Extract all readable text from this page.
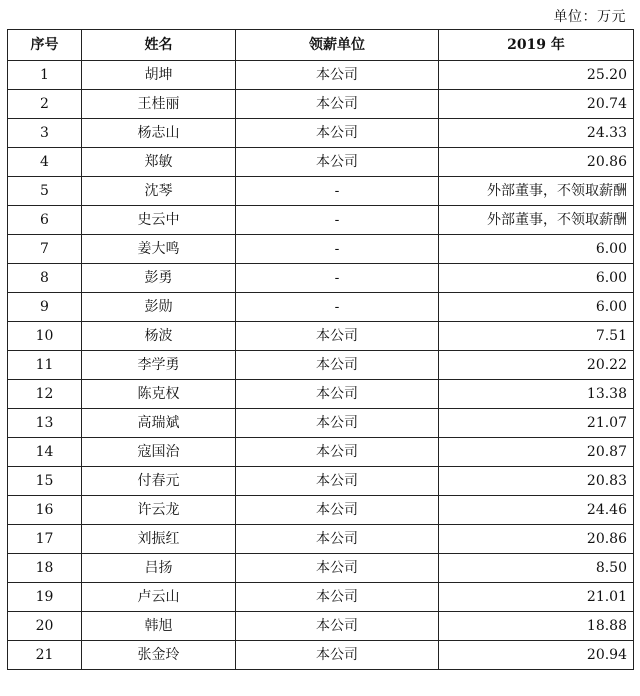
单位：万元
序号	姓名	领薪单位	2019 年
1	胡坤	本公司	25.20
2	王桂丽	本公司	20.74
3	杨志山	本公司	24.33
4	郑敏	本公司	20.86
5	沈琴	-	外部董事，不领取薪酬
6	史云中	-	外部董事，不领取薪酬
7	姜大鸣	-	6.00
8	彭勇	-	6.00
9	彭勋	-	6.00
10	杨波	本公司	7.51
11	李学勇	本公司	20.22
12	陈克权	本公司	13.38
13	高瑞斌	本公司	21.07
14	寇国治	本公司	20.87
15	付春元	本公司	20.83
16	许云龙	本公司	24.46
17	刘振红	本公司	20.86
18	吕扬	本公司	8.50
19	卢云山	本公司	21.01
20	韩旭	本公司	18.88
21	张金玲	本公司	20.94
